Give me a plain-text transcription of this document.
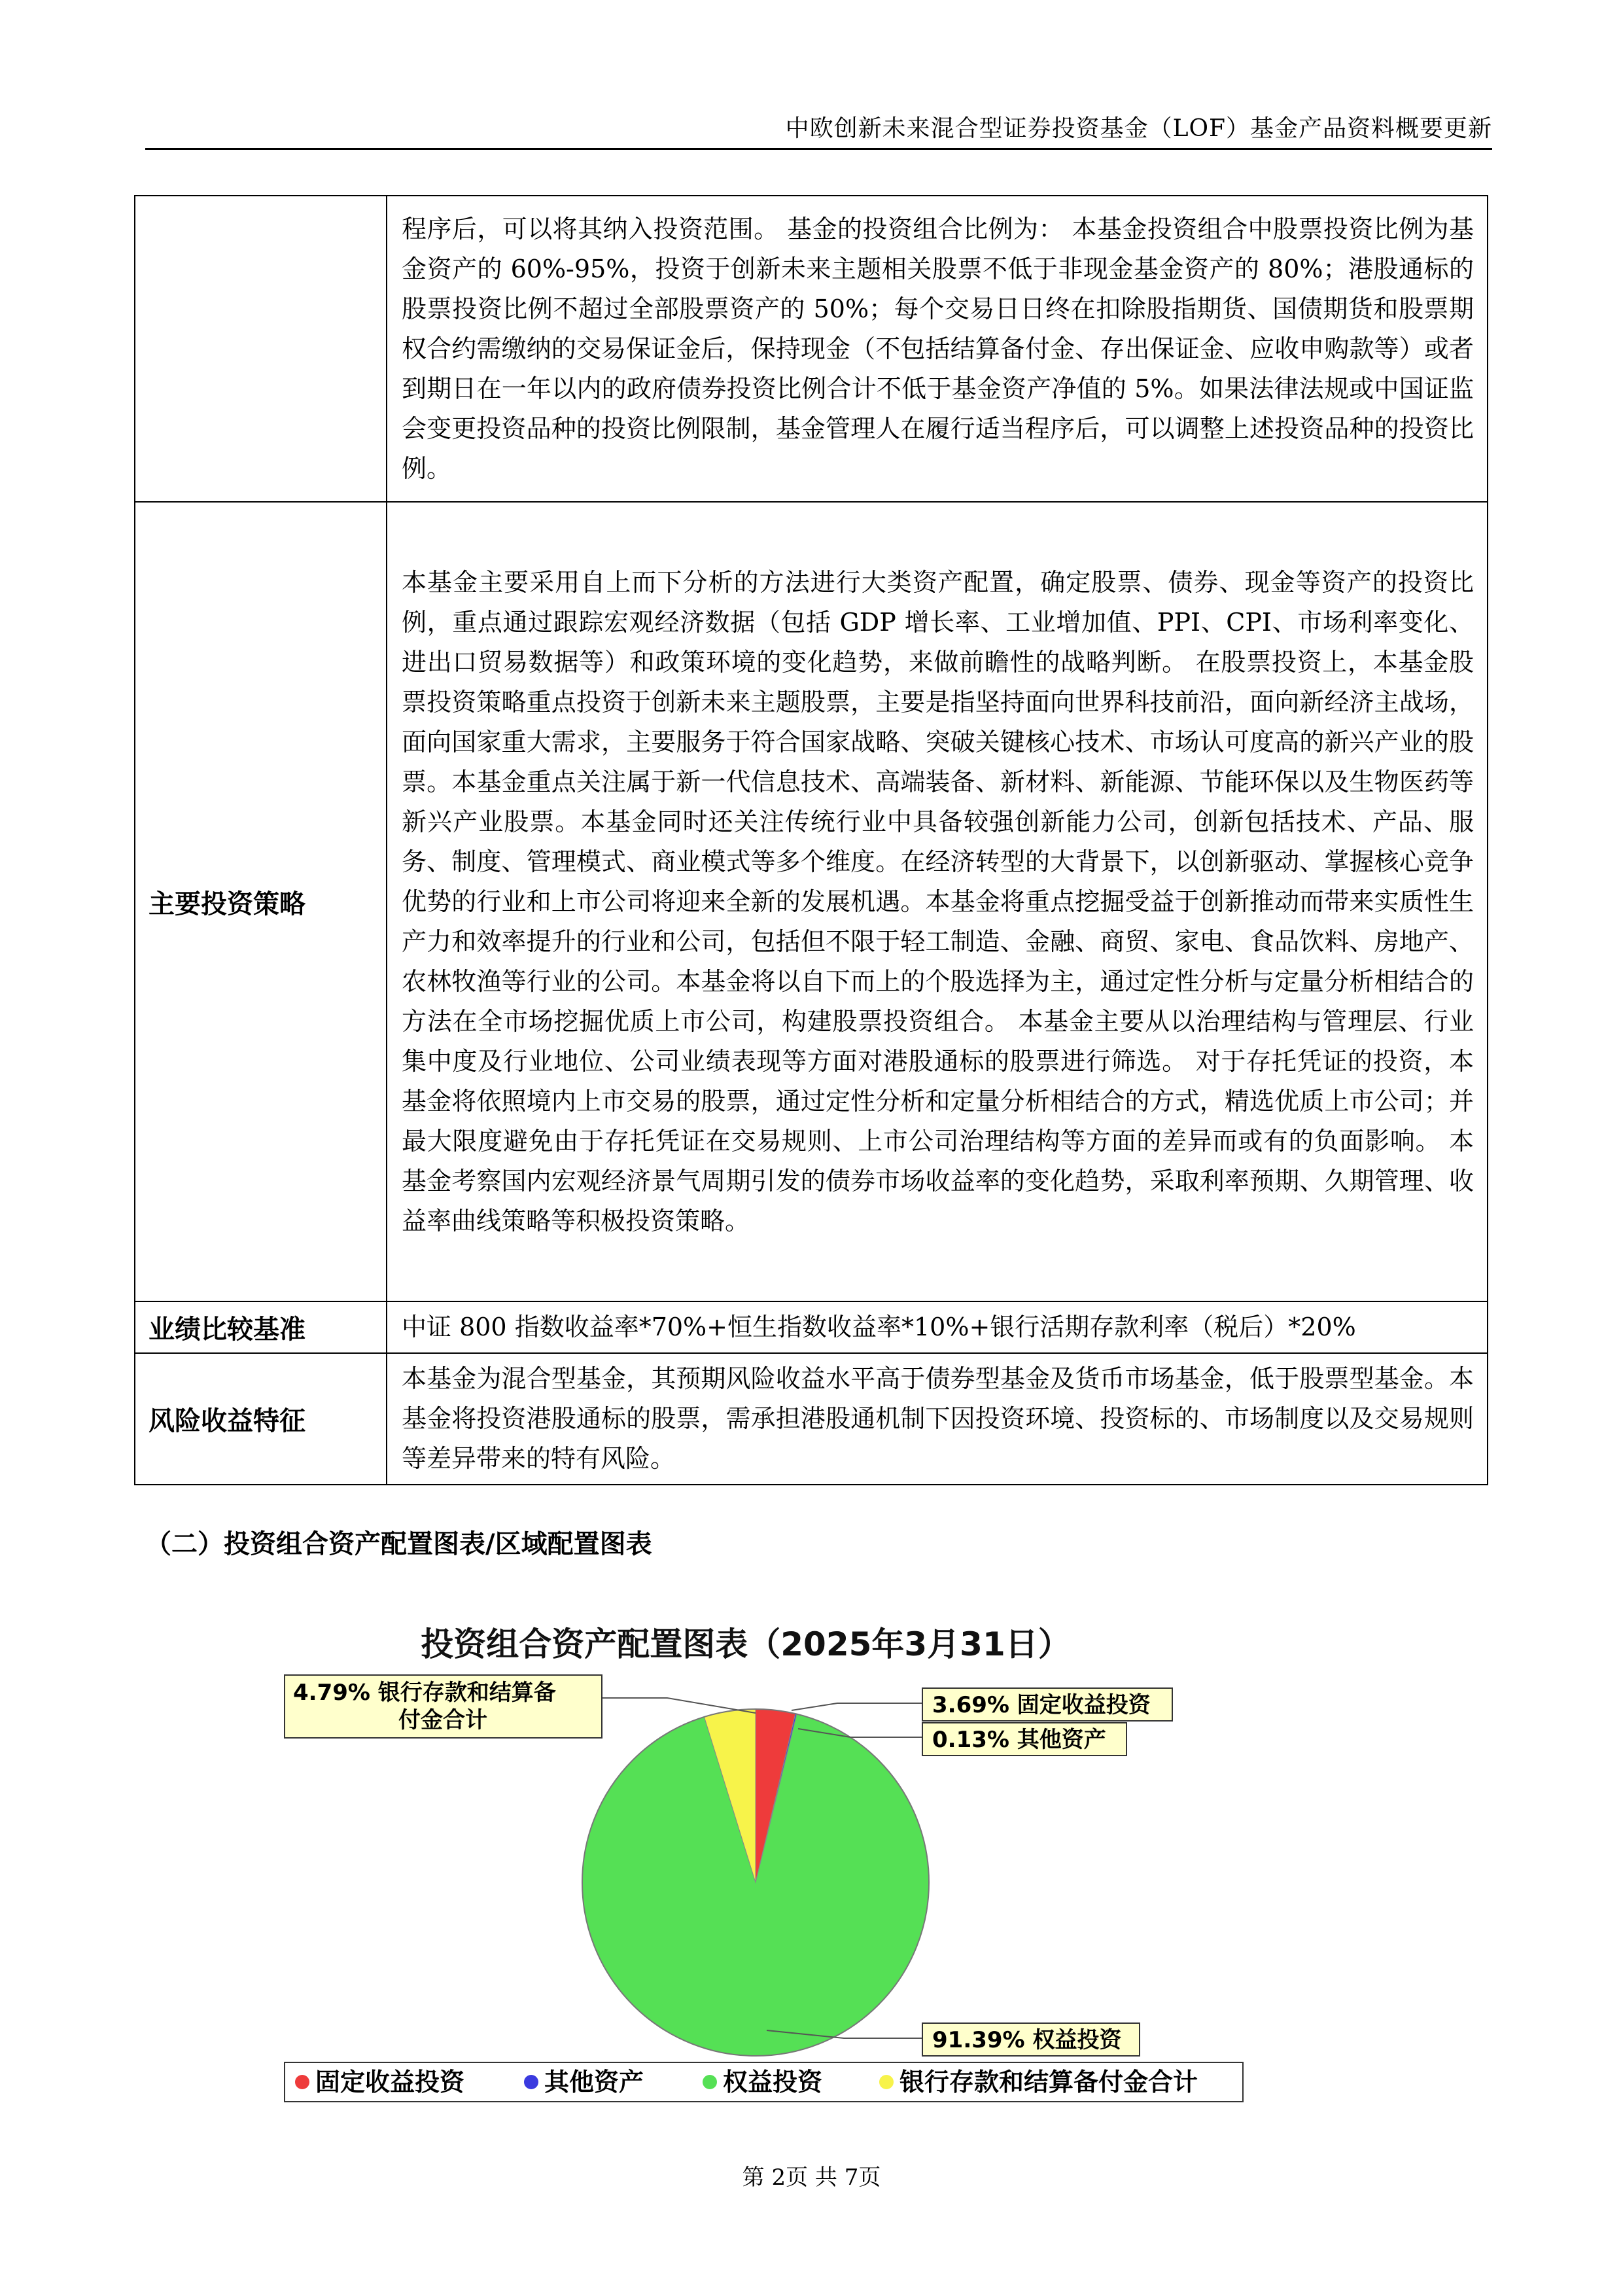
中欧创新未来混合型证券投资基金（LOF）基金产品资料概要更新

	程序后，可以将其纳入投资范围。 基金的投资组合比例为： 本基金投资组合中股票投资比例为基金资产的 60%-95%，投资于创新未来主题相关股票不低于非现金基金资产的 80%；港股通标的股票投资比例不超过全部股票资产的 50%；每个交易日日终在扣除股指期货、国债期货和股票期权合约需缴纳的交易保证金后，保持现金（不包括结算备付金、存出保证金、应收申购款等）或者到期日在一年以内的政府债券投资比例合计不低于基金资产净值的 5%。如果法律法规或中国证监会变更投资品种的投资比例限制，基金管理人在履行适当程序后，可以调整上述投资品种的投资比例。

主要投资策略	本基金主要采用自上而下分析的方法进行大类资产配置，确定股票、债券、现金等资产的投资比例，重点通过跟踪宏观经济数据（包括 GDP 增长率、工业增加值、PPI、CPI、市场利率变化、进出口贸易数据等）和政策环境的变化趋势，来做前瞻性的战略判断。 在股票投资上，本基金股票投资策略重点投资于创新未来主题股票，主要是指坚持面向世界科技前沿，面向新经济主战场，面向国家重大需求，主要服务于符合国家战略、突破关键核心技术、市场认可度高的新兴产业的股票。本基金重点关注属于新一代信息技术、高端装备、新材料、新能源、节能环保以及生物医药等新兴产业股票。本基金同时还关注传统行业中具备较强创新能力公司，创新包括技术、产品、服务、制度、管理模式、商业模式等多个维度。在经济转型的大背景下，以创新驱动、掌握核心竞争优势的行业和上市公司将迎来全新的发展机遇。本基金将重点挖掘受益于创新推动而带来实质性生产力和效率提升的行业和公司，包括但不限于轻工制造、金融、商贸、家电、食品饮料、房地产、农林牧渔等行业的公司。本基金将以自下而上的个股选择为主，通过定性分析与定量分析相结合的方法在全市场挖掘优质上市公司，构建股票投资组合。 本基金主要从以治理结构与管理层、行业集中度及行业地位、公司业绩表现等方面对港股通标的股票进行筛选。 对于存托凭证的投资，本基金将依照境内上市交易的股票，通过定性分析和定量分析相结合的方式，精选优质上市公司；并最大限度避免由于存托凭证在交易规则、上市公司治理结构等方面的差异而或有的负面影响。 本基金考察国内宏观经济景气周期引发的债券市场收益率的变化趋势，采取利率预期、久期管理、收益率曲线策略等积极投资策略。

业绩比较基准	中证 800 指数收益率*70%+恒生指数收益率*10%+银行活期存款利率（税后）*20%

风险收益特征	本基金为混合型基金，其预期风险收益水平高于债券型基金及货币市场基金，低于股票型基金。本基金将投资港股通标的股票，需承担港股通机制下因投资环境、投资标的、市场制度以及交易规则等差异带来的特有风险。

（二）投资组合资产配置图表/区域配置图表
投资组合资产配置图表（2025年3月31日）
3.69% 固定收益投资
0.13% 其他资产
91.39% 权益投资
4.79% 银行存款和结算备
付金合计
固定收益投资	其他资产	权益投资	银行存款和结算备付金合计
第 2页 共 7页
